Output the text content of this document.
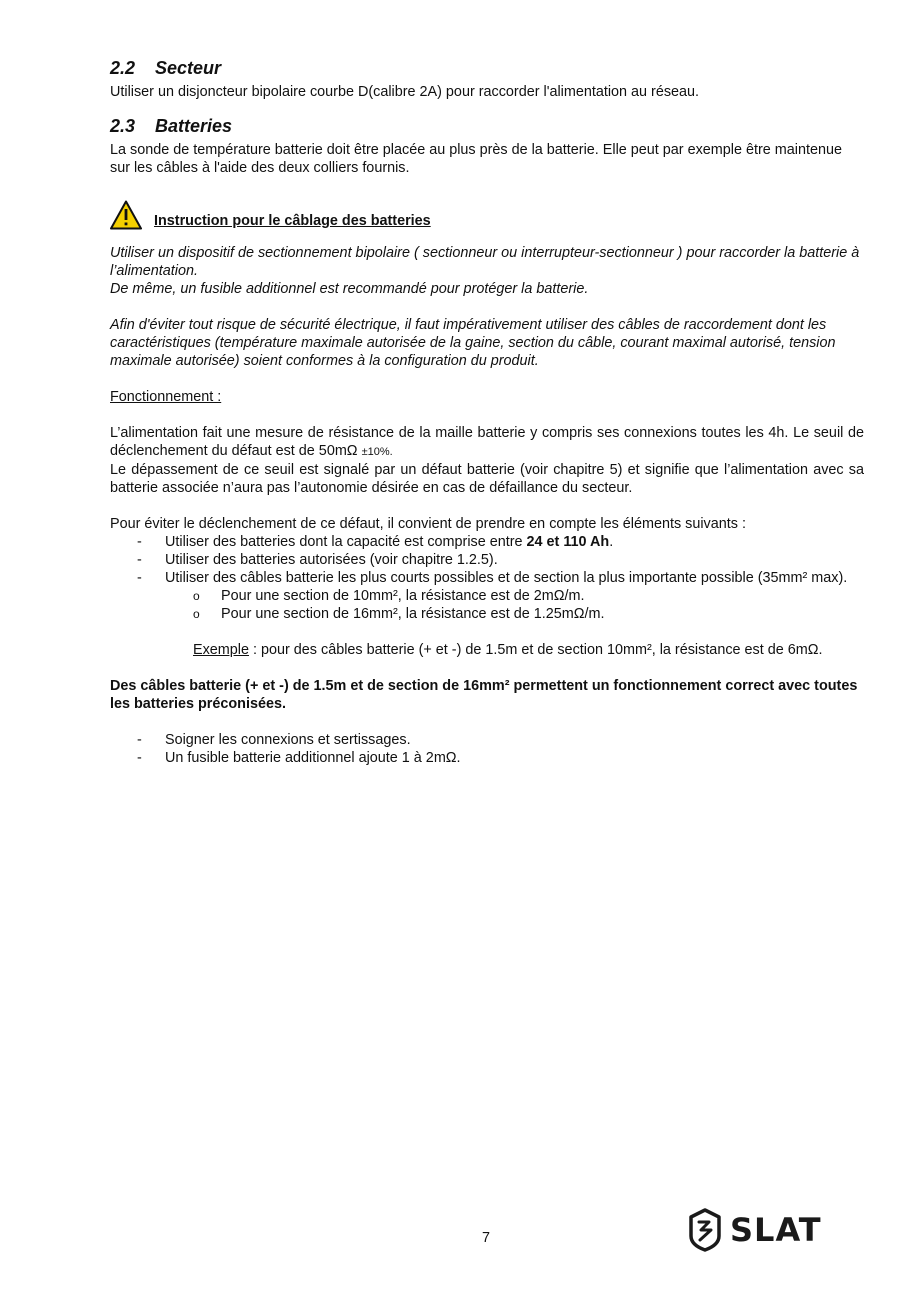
2.2 Secteur

Utiliser un disjoncteur bipolaire courbe D(calibre 2A) pour raccorder l'alimentation au réseau.

2.3 Batteries

La sonde de température batterie doit être placée au plus près de la batterie. Elle peut par exemple être maintenue sur les câbles à l'aide des deux colliers fournis.

Instruction pour le câblage des batteries

Utiliser un dispositif de sectionnement bipolaire ( sectionneur ou interrupteur-sectionneur ) pour raccorder la batterie à l’alimentation.

De même, un fusible additionnel est recommandé pour protéger la batterie.

Afin d'éviter tout risque de sécurité électrique, il faut impérativement utiliser des câbles de raccordement dont les caractéristiques (température maximale autorisée de la gaine, section du câble, courant maximal autorisé, tension maximale autorisée) soient conformes à la configuration du produit.

Fonctionnement :

L’alimentation fait une mesure de résistance de la maille batterie y compris ses connexions toutes les 4h. Le seuil de déclenchement du défaut est de 50mΩ ±10%.

Le dépassement de ce seuil est signalé par un défaut batterie (voir chapitre 5) et signifie que l’alimentation avec sa batterie associée n’aura pas l’autonomie désirée en cas de défaillance du secteur.

Pour éviter le déclenchement de ce défaut, il convient de prendre en compte les éléments suivants :

- Utiliser des batteries dont la capacité est comprise entre 24 et 110 Ah.
- Utiliser des batteries autorisées (voir chapitre 1.2.5).
- Utiliser des câbles batterie les plus courts possibles et de section la plus importante possible (35mm² max).
o Pour une section de 10mm², la résistance est de 2mΩ/m.
o Pour une section de 16mm², la résistance est de 1.25mΩ/m.

Exemple : pour des câbles batterie (+ et -) de 1.5m et de section 10mm², la résistance est de 6mΩ.

Des câbles batterie (+ et -) de 1.5m et de section de 16mm² permettent un fonctionnement correct avec toutes les batteries préconisées.

- Soigner les connexions et sertissages.
- Un fusible batterie additionnel ajoute 1 à 2mΩ.
7	SLAT
